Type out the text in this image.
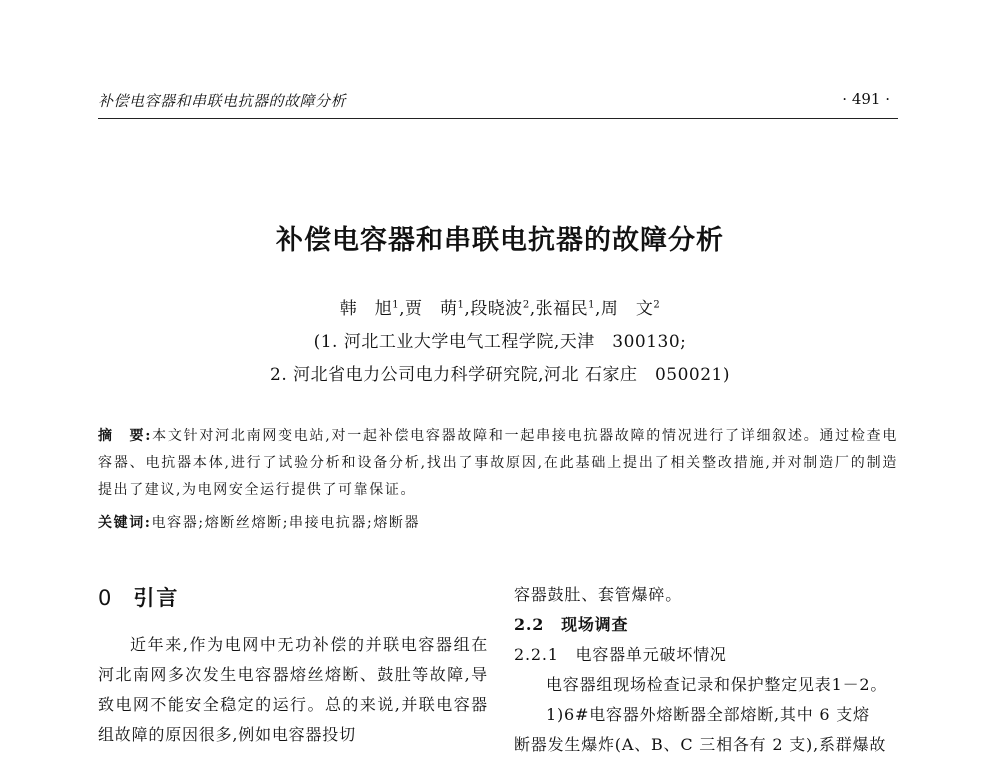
补偿电容器和串联电抗器的故障分析	· 491 ·
补偿电容器和串联电抗器的故障分析
韩　旭$^1$,贾　萌$^1$,段晓波$^2$,张福民$^1$,周　文$^2$
(1. 河北工业大学电气工程学院,天津　300130;
2. 河北省电力公司电力科学研究院,河北 石家庄　050021)
摘　要:本文针对河北南网变电站,对一起补偿电容器故障和一起串接电抗器故障的情况进行了详细叙述。通过检查电容器、电抗器本体,进行了试验分析和设备分析,找出了事故原因,在此基础上提出了相关整改措施,并对制造厂的制造提出了建议,为电网安全运行提供了可靠保证。
关键词:电容器;熔断丝熔断;串接电抗器;熔断器
0 引言

近年来,作为电网中无功补偿的并联电容器组在河北南网多次发生电容器熔丝熔断、鼓肚等故障,导致电网不能安全稳定的运行。总的来说,并联电容器组故障的原因很多,例如电容器投切

容器鼓肚、套管爆碎。
2.2　 现场调查
2.2.1　 电容器单元破坏情况
电容器组现场检查记录和保护整定见表1－2。
1)6#电容器外熔断器全部熔断,其中 6 支熔
断器发生爆炸(A、B、C 三相各有 2 支),系群爆故
